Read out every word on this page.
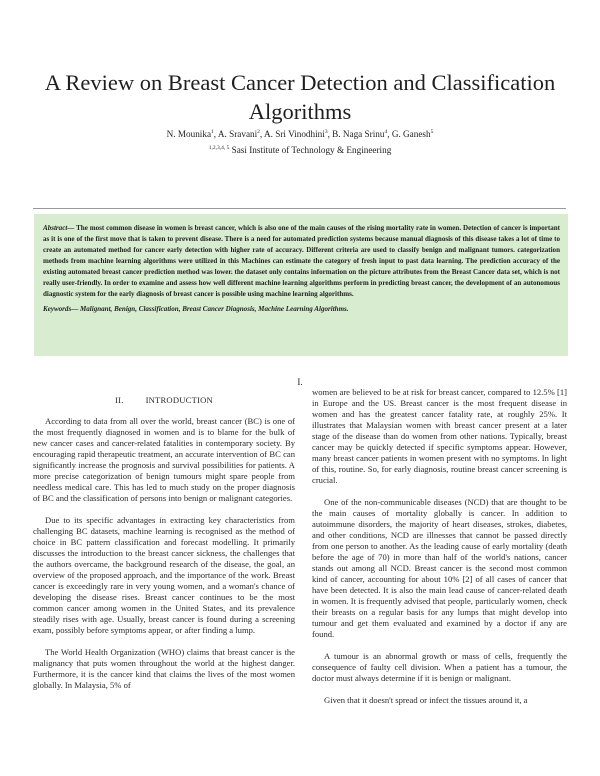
A Review on Breast Cancer Detection and Classification Algorithms
N. Mounika$^1$, A. Sravani$^2$, A. Sri Vinodhini$^3$, B. Naga Srinu$^4$, G. Ganesh$^5$
$^{1,2,3,4, 5}$ Sasi Institute of Technology & Engineering

Abstract— The most common disease in women is breast cancer, which is also one of the main causes of the rising mortality rate in women. Detection of cancer is important as it is one of the first move that is taken to prevent disease. There is a need for automated prediction systems because manual diagnosis of this disease takes a lot of time to create an automated method for cancer early detection with higher rate of accuracy. Different criteria are used to classify benign and malignant tumors. categorization methods from machine learning algorithms were utilized in this Machines can estimate the category of fresh input to past data learning. The prediction accuracy of the existing automated breast cancer prediction method was lower. the dataset only contains information on the picture attributes from the Breast Cancer data set, which is not really user-friendly. In order to examine and assess how well different machine learning algorithms perform in predicting breast cancer, the development of an autonomous diagnostic system for the early diagnosis of breast cancer is possible using machine learning algorithms.

Keywords— Malignant, Benign, Classification, Breast Cancer Diagnosis, Machine Learning Algorithms.

I.
II.	INTRODUCTION

According to data from all over the world, breast cancer (BC) is one of the most frequently diagnosed in women and is to blame for the bulk of new cancer cases and cancer-related fatalities in contemporary society. By encouraging rapid therapeutic treatment, an accurate intervention of BC can significantly increase the prognosis and survival possibilities for patients. A more precise categorization of benign tumours might spare people from needless medical care. This has led to much study on the proper diagnosis of BC and the classification of persons into benign or malignant categories.

Due to its specific advantages in extracting key characteristics from challenging BC datasets, machine learning is recognised as the method of choice in BC pattern classification and forecast modelling. It primarily discusses the introduction to the breast cancer sickness, the challenges that the authors overcame, the background research of the disease, the goal, an overview of the proposed approach, and the importance of the work. Breast cancer is exceedingly rare in very young women, and a woman's chance of developing the disease rises. Breast cancer continues to be the most common cancer among women in the United States, and its prevalence steadily rises with age. Usually, breast cancer is found during a screening exam, possibly before symptoms appear, or after finding a lump.

The World Health Organization (WHO) claims that breast cancer is the malignancy that puts women throughout the world at the highest danger. Furthermore, it is the cancer kind that claims the lives of the most women globally. In Malaysia, 5% of

women are believed to be at risk for breast cancer, compared to 12.5% [1] in Europe and the US. Breast cancer is the most frequent disease in women and has the greatest cancer fatality rate, at roughly 25%. It illustrates that Malaysian women with breast cancer present at a later stage of the disease than do women from other nations. Typically, breast cancer may be quickly detected if specific symptoms appear. However, many breast cancer patients in women present with no symptoms. In light of this, routine. So, for early diagnosis, routine breast cancer screening is crucial.

One of the non-communicable diseases (NCD) that are thought to be the main causes of mortality globally is cancer. In addition to autoimmune disorders, the majority of heart diseases, strokes, diabetes, and other conditions, NCD are illnesses that cannot be passed directly from one person to another. As the leading cause of early mortality (death before the age of 70) in more than half of the world's nations, cancer stands out among all NCD. Breast cancer is the second most common kind of cancer, accounting for about 10% [2] of all cases of cancer that have been detected. It is also the main lead cause of cancer-related death in women. It is frequently advised that people, particularly women, check their breasts on a regular basis for any lumps that might develop into tumour and get them evaluated and examined by a doctor if any are found.

A tumour is an abnormal growth or mass of cells, frequently the consequence of faulty cell division. When a patient has a tumour, the doctor must always determine if it is benign or malignant.

Given that it doesn't spread or infect the tissues around it, a
